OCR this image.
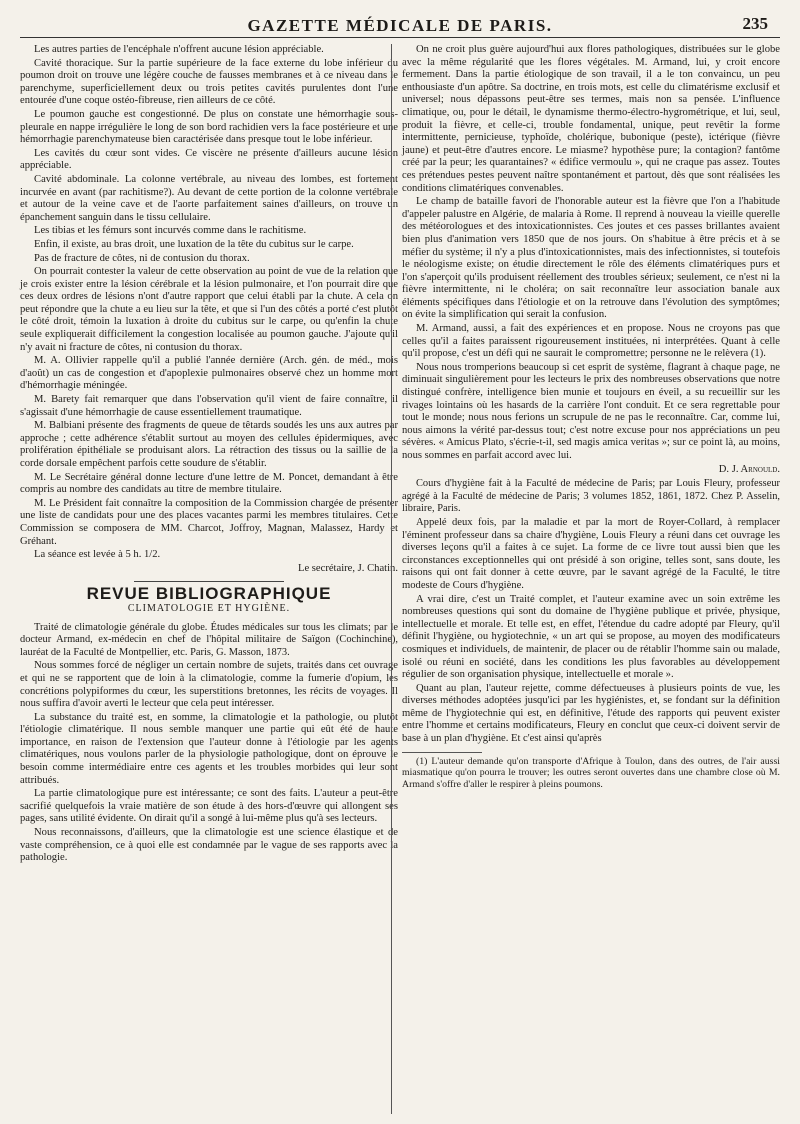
GAZETTE MÉDICALE DE PARIS.	235

Les autres parties de l'encéphale n'offrent aucune lésion appréciable.

Cavité thoracique. Sur la partie supérieure de la face externe du lobe inférieur du poumon droit on trouve une légère couche de fausses membranes et à ce niveau dans le parenchyme, superficiellement deux ou trois petites cavités purulentes dont l'une entourée d'une coque ostéo-fibreuse, rien ailleurs de ce côté.

Le poumon gauche est congestionné. De plus on constate une hémorrhagie sous-pleurale en nappe irrégulière le long de son bord rachidien vers la face postérieure et une hémorrhagie parenchymateuse bien caractérisée dans presque tout le lobe inférieur.

Les cavités du cœur sont vides. Ce viscère ne présente d'ailleurs aucune lésion appréciable.

Cavité abdominale. La colonne vertébrale, au niveau des lombes, est fortement incurvée en avant (par rachitisme?). Au devant de cette portion de la colonne vertébrale et autour de la veine cave et de l'aorte parfaitement saines d'ailleurs, on trouve un épanchement sanguin dans le tissu cellulaire.

Les tibias et les fémurs sont incurvés comme dans le rachitisme.

Enfin, il existe, au bras droit, une luxation de la tête du cubitus sur le carpe.

Pas de fracture de côtes, ni de contusion du thorax.

On pourrait contester la valeur de cette observation au point de vue de la relation que je crois exister entre la lésion cérébrale et la lésion pulmonaire, et l'on pourrait dire que ces deux ordres de lésions n'ont d'autre rapport que celui établi par la chute. A cela on peut répondre que la chute a eu lieu sur la tête, et que si l'un des côtés a porté c'est plutôt le côté droit, témoin la luxation à droite du cubitus sur le carpe, ou qu'enfin la chute seule expliquerait difficilement la congestion localisée au poumon gauche. J'ajoute qu'il n'y avait ni fracture de côtes, ni contusion du thorax.

M. A. Ollivier rappelle qu'il a publié l'année dernière (Arch. gén. de méd., mois d'août) un cas de congestion et d'apoplexie pulmonaires observé chez un homme mort d'hémorrhagie méningée.

M. Barety fait remarquer que dans l'observation qu'il vient de faire connaître, il s'agissait d'une hémorrhagie de cause essentiellement traumatique.

M. Balbiani présente des fragments de queue de têtards soudés les uns aux autres par approche ; cette adhérence s'établit surtout au moyen des cellules épidermiques, avec prolifération épithéliale se produisant alors. La rétraction des tissus ou la saillie de la corde dorsale empêchent parfois cette soudure de s'établir.

M. Le Secrétaire général donne lecture d'une lettre de M. Poncet, demandant à être compris au nombre des candidats au titre de membre titulaire.

M. Le Président fait connaître la composition de la Commission chargée de présenter une liste de candidats pour une des places vacantes parmi les membres titulaires. Cette Commission se composera de MM. Charcot, Joffroy, Magnan, Malassez, Hardy et Gréhant.

La séance est levée à 5 h. 1/2.

Le secrétaire, J. Chatin.
REVUE BIBLIOGRAPHIQUE
CLIMATOLOGIE ET HYGIÈNE.

Traité de climatologie générale du globe. Études médicales sur tous les climats; par le docteur Armand, ex-médecin en chef de l'hôpital militaire de Saïgon (Cochinchine), lauréat de la Faculté de Montpellier, etc. Paris, G. Masson, 1873.

Nous sommes forcé de négliger un certain nombre de sujets, traités dans cet ouvrage et qui ne se rapportent que de loin à la climatologie, comme la fumerie d'opium, les concrétions polypiformes du cœur, les superstitions bretonnes, les récits de voyages. Il nous suffira d'avoir averti le lecteur que cela peut intéresser.

La substance du traité est, en somme, la climatologie et la pathologie, ou plutôt l'étiologie climatérique. Il nous semble manquer une partie qui eût été de haute importance, en raison de l'extension que l'auteur donne à l'étiologie par les agents climatériques, nous voulons parler de la physiologie pathologique, dont on éprouve le besoin comme intermédiaire entre ces agents et les troubles morbides qui leur sont attribués.

La partie climatologique pure est intéressante; ce sont des faits. L'auteur a peut-être sacrifié quelquefois la vraie matière de son étude à des hors-d'œuvre qui allongent ses pages, sans utilité évidente. On dirait qu'il a songé à lui-même plus qu'à ses lecteurs.

Nous reconnaissons, d'ailleurs, que la climatologie est une science élastique et de vaste compréhension, ce à quoi elle est condamnée par le vague de ses rapports avec la pathologie.

On ne croit plus guère aujourd'hui aux flores pathologiques, distribuées sur le globe avec la même régularité que les flores végétales. M. Armand, lui, y croit encore fermement. Dans la partie étiologique de son travail, il a le ton convaincu, un peu enthousiaste d'un apôtre. Sa doctrine, en trois mots, est celle du climatérisme exclusif et universel; nous dépassons peut-être ses termes, mais non sa pensée. L'influence climatique, ou, pour le détail, le dynamisme thermo-électro-hygrométrique, et lui, seul, produit la fièvre, et celle-ci, trouble fondamental, unique, peut revêtir la forme intermittente, pernicieuse, typhoïde, cholérique, bubonique (peste), ictérique (fièvre jaune) et peut-être d'autres encore. Le miasme? hypothèse pure; la contagion? fantôme créé par la peur; les quarantaines? « édifice vermoulu », qui ne craque pas assez. Toutes ces prétendues pestes peuvent naître spontanément et partout, dès que sont réalisées les conditions climatériques convenables.

Le champ de bataille favori de l'honorable auteur est la fièvre que l'on a l'habitude d'appeler palustre en Algérie, de malaria à Rome. Il reprend à nouveau la vieille querelle des météorologues et des intoxicationnistes. Ces joutes et ces passes brillantes avaient bien plus d'animation vers 1850 que de nos jours. On s'habitue à être précis et à se méfier du système; il n'y a plus d'intoxicationnistes, mais des infectionnistes, si toutefois le néologisme existe; on étudie directement le rôle des éléments climatériques purs et l'on s'aperçoit qu'ils produisent réellement des troubles sérieux; seulement, ce n'est ni la fièvre intermittente, ni le choléra; on sait reconnaître leur association banale aux éléments spécifiques dans l'étiologie et on la retrouve dans l'évolution des symptômes; on évite la simplification qui serait la confusion.

M. Armand, aussi, a fait des expériences et en propose. Nous ne croyons pas que celles qu'il a faites paraissent rigoureusement instituées, ni interprétées. Quant à celle qu'il propose, c'est un défi qui ne saurait le compromettre; personne ne le relèvera (1).

Nous nous tromperions beaucoup si cet esprit de système, flagrant à chaque page, ne diminuait singulièrement pour les lecteurs le prix des nombreuses observations que notre distingué confrère, intelligence bien munie et toujours en éveil, a su recueillir sur les rivages lointains où les hasards de la carrière l'ont conduit. Et ce sera regrettable pour tout le monde; nous nous ferions un scrupule de ne pas le reconnaître. Car, comme lui, nous aimons la vérité par-dessus tout; c'est notre excuse pour nos appréciations un peu sévères. « Amicus Plato, s'écrie-t-il, sed magis amica veritas »; sur ce point là, au moins, nous sommes en parfait accord avec lui.

D. J. Arnould.

Cours d'hygiène fait à la Faculté de médecine de Paris; par Louis Fleury, professeur agrégé à la Faculté de médecine de Paris; 3 volumes 1852, 1861, 1872. Chez P. Asselin, libraire, Paris.

Appelé deux fois, par la maladie et par la mort de Royer-Collard, à remplacer l'éminent professeur dans sa chaire d'hygiène, Louis Fleury a réuni dans cet ouvrage les diverses leçons qu'il a faites à ce sujet. La forme de ce livre tout aussi bien que les circonstances exceptionnelles qui ont présidé à son origine, telles sont, sans doute, les raisons qui ont fait donner à cette œuvre, par le savant agrégé de la Faculté, le titre modeste de Cours d'hygiène.

A vrai dire, c'est un Traité complet, et l'auteur examine avec un soin extrême les nombreuses questions qui sont du domaine de l'hygiène publique et privée, physique, intellectuelle et morale. Et telle est, en effet, l'étendue du cadre adopté par Fleury, qu'il définit l'hygiène, ou hygiotechnie, « un art qui se propose, au moyen des modificateurs cosmiques et individuels, de maintenir, de placer ou de rétablir l'homme sain ou malade, isolé ou réuni en société, dans les conditions les plus favorables au développement régulier de son organisation physique, intellectuelle et morale ».

Quant au plan, l'auteur rejette, comme défectueuses à plusieurs points de vue, les diverses méthodes adoptées jusqu'ici par les hygiénistes, et, se fondant sur la définition même de l'hygiotechnie qui est, en définitive, l'étude des rapports qui peuvent exister entre l'homme et certains modificateurs, Fleury en conclut que ceux-ci doivent servir de base à un plan d'hygiène. Et c'est ainsi qu'après

(1) L'auteur demande qu'on transporte d'Afrique à Toulon, dans des outres, de l'air aussi miasmatique qu'on pourra le trouver; les outres seront ouvertes dans une chambre close où M. Armand s'offre d'aller le respirer à pleins poumons.
